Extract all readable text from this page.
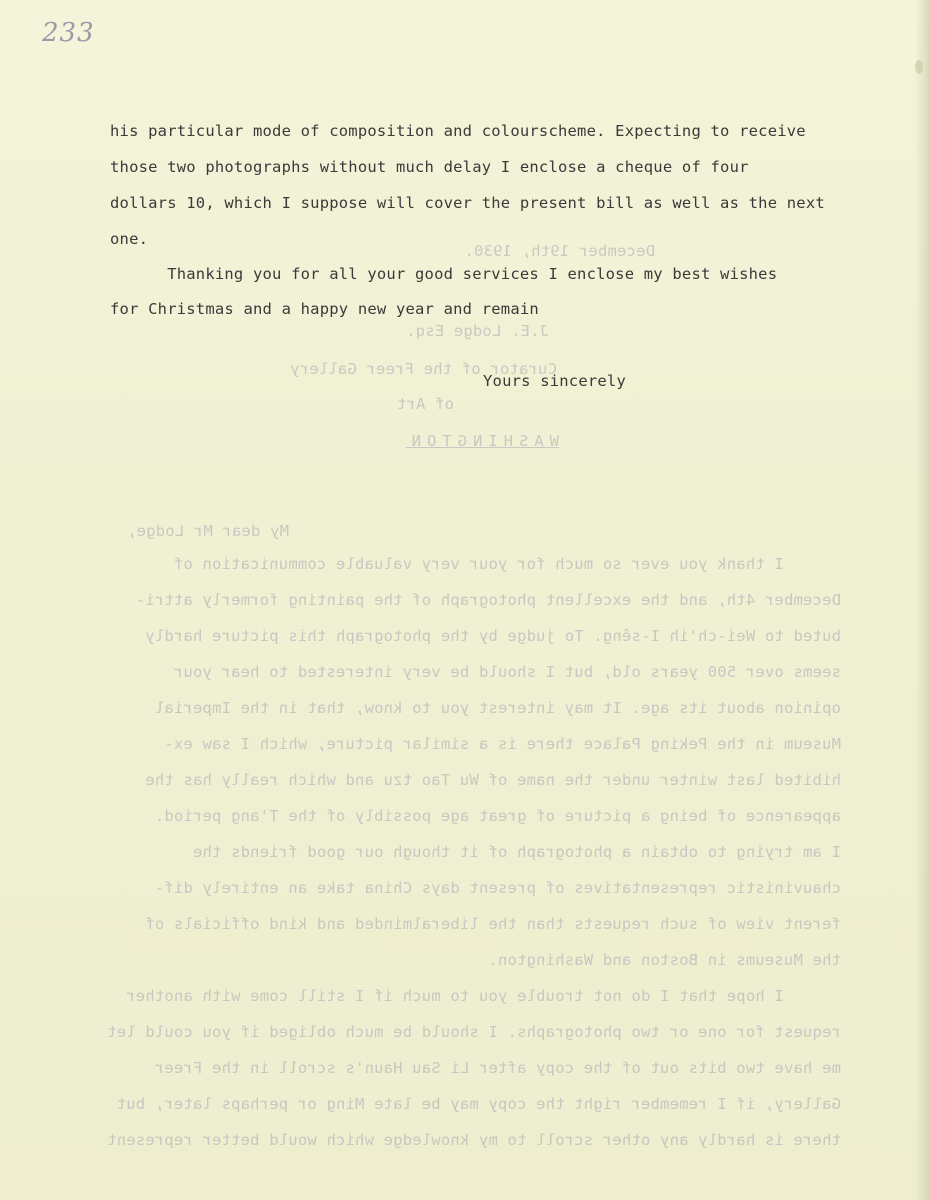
233
December 19th, 1930.
J.E. Lodge Esq.
Curator of the Freer Gallery
of Art
WASHINGTON
My dear Mr Lodge,
I thank you ever so much for your very valuable communication of
December 4th, and the excellent photograph of the painting formerly attri-
buted to Wei-ch'ih I-sêng. To judge by the photograph this picture hardly
seems over 500 years old, but I should be very interested to hear your
opinion about its age. It may interest you to know, that in the Imperial
Museum in the Peking Palace there is a similar picture, which I saw ex-
hibited last winter under the name of Wu Tao tzu and which really has the
appearence of being a picture of great age possibly of the T'ang period.
I am trying to obtain a photograph of it though our good friends the
chauvinistic representatives of present days China take an entirely dif-
ferent view of such requests than the liberalminded and kind officials of
the Museums in Boston and Washington.
I hope that I do not trouble you to much if I still come with another
request for one or two photographs. I should be much obliged if you could let
me have two bits out of the copy after Li Sau Haun's scroll in the Freer
Gallery, if I remember right the copy may be late Ming or perhaps later, but
there is hardly any other scroll to my knowledge which would better represent
his particular mode of composition and colourscheme. Expecting to receive
those two photographs without much delay I enclose a cheque of four
dollars 10, which I suppose will cover the present bill as well as the next
one.
Thanking you for all your good services I enclose my best wishes
for Christmas and a happy new year and remain
Yours sincerely
